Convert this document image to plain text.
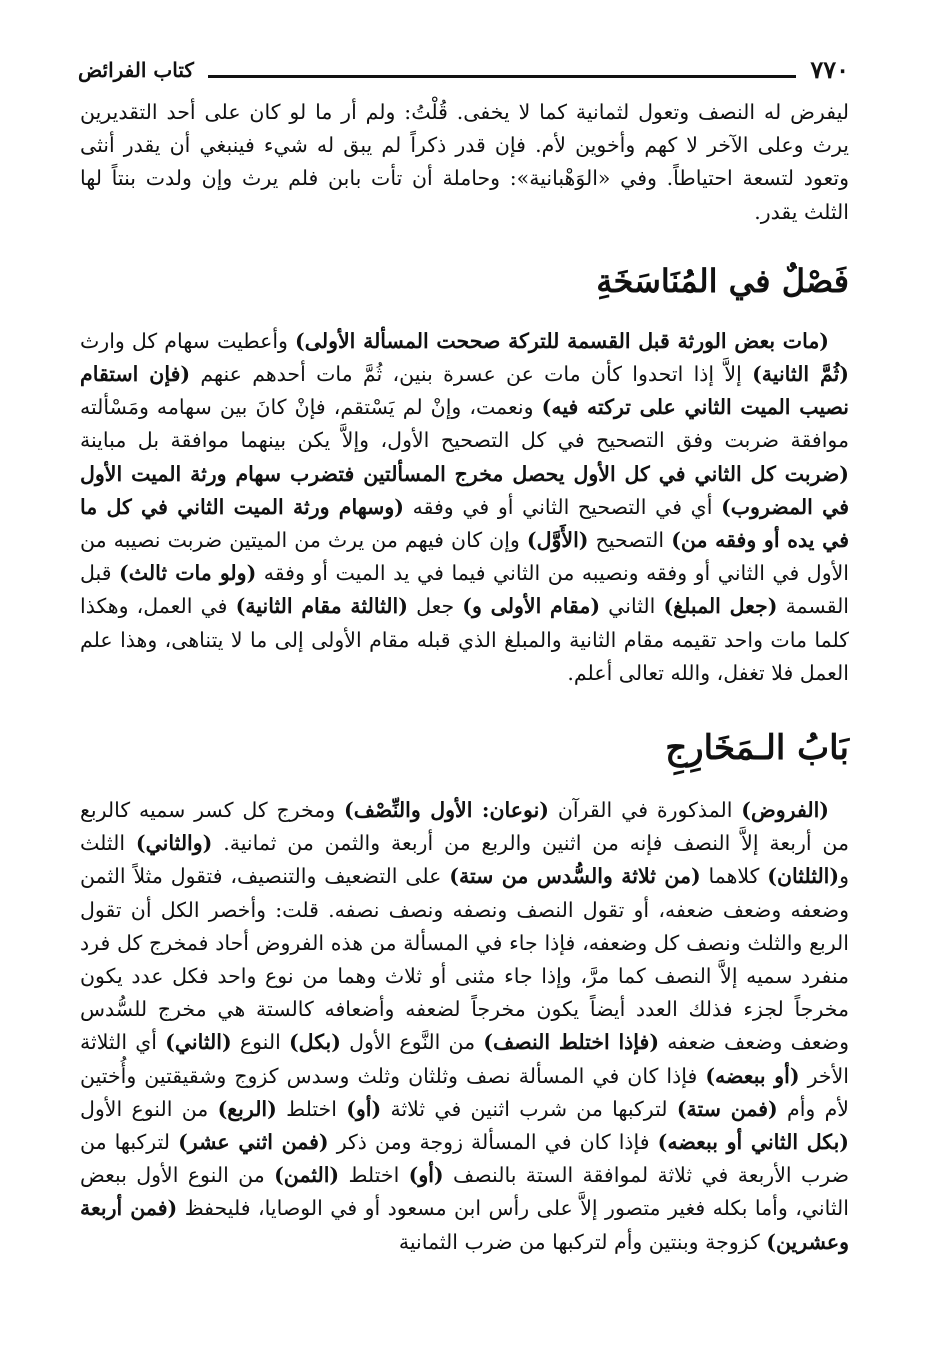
٧٧٠
كتاب الفرائض

ليفرض له النصف وتعول لثمانية كما لا يخفى. قُلْتُ: ولم أر ما لو كان على أحد التقديرين يرث وعلى الآخر لا كهم وأخوين لأم. فإن قدر ذكراً لم يبق له شيء فينبغي أن يقدر أنثى وتعود لتسعة احتياطاً. وفي «الوَهْبانية»: وحاملة أن تأت بابن فلم يرث وإن ولدت بنتاً لها الثلث يقدر.

فَصْلٌ في المُنَاسَخَةِ

(مات بعض الورثة قبل القسمة للتركة صححت المسألة الأولى) وأعطيت سهام كل وارث (ثُمَّ الثانية) إلاَّ إذا اتحدوا كأن مات عن عسرة بنين، ثُمَّ مات أحدهم عنهم (فإن استقام نصيب الميت الثاني على تركته فيه) ونعمت، وإنْ لم يَسْتقم، فإنْ كانَ بين سهامه ومَسْألته موافقة ضربت وفق التصحيح في كل التصحيح الأول، وإلاَّ يكن بينهما موافقة بل مباينة (ضربت كل الثاني في كل الأول يحصل مخرج المسألتين فتضرب سهام ورثة الميت الأول في المضروب) أي في التصحيح الثاني أو في وفقه (وسهام ورثة الميت الثاني في كل ما في يده أو وفقه من) التصحيح (الأَوَّل) وإن كان فيهم من يرث من الميتين ضربت نصيبه من الأول في الثاني أو وفقه ونصيبه من الثاني فيما في يد الميت أو وفقه (ولو مات ثالث) قبل القسمة (جعل المبلغ) الثاني (مقام الأولى و) جعل (الثالثة مقام الثانية) في العمل، وهكذا كلما مات واحد تقيمه مقام الثانية والمبلغ الذي قبله مقام الأولى إلى ما لا يتناهى، وهذا علم العمل فلا تغفل، والله تعالى أعلم.

بَابُ الـمَخَارِجِ

(الفروض) المذكورة في القرآن (نوعان: الأول والنِّصْف) ومخرج كل كسر سميه كالربع من أربعة إلاَّ النصف فإنه من اثنين والربع من أربعة والثمن من ثمانية. (والثاني) الثلث و(الثلثان) كلاهما (من ثلاثة والسُّدس من ستة) على التضعيف والتنصيف، فتقول مثلاً الثمن وضعفه وضعف ضعفه، أو تقول النصف ونصفه ونصف نصفه. قلت: وأخصر الكل أن تقول الربع والثلث ونصف كل وضعفه، فإذا جاء في المسألة من هذه الفروض أحاد فمخرج كل فرد منفرد سميه إلاَّ النصف كما مرَّ، وإذا جاء مثنى أو ثلاث وهما من نوع واحد فكل عدد يكون مخرجاً لجزء فذلك العدد أيضاً يكون مخرجاً لضعفه وأضعافه كالستة هي مخرج للسُّدس وضعف وضعف ضعفه (فإذا اختلط النصف) من النَّوع الأول (بكل) النوع (الثاني) أي الثلاثة الأخر (أو ببعضه) فإذا كان في المسألة نصف وثلثان وثلث وسدس كزوج وشقيقتين وأُختين لأم وأم (فمن ستة) لتركبها من شرب اثنين في ثلاثة (أو) اختلط (الربع) من النوع الأول (بكل الثاني أو ببعضه) فإذا كان في المسألة زوجة ومن ذكر (فمن اثني عشر) لتركبها من ضرب الأربعة في ثلاثة لموافقة الستة بالنصف (أو) اختلط (الثمن) من النوع الأول ببعض الثاني، وأما بكله فغير متصور إلاَّ على رأس ابن مسعود أو في الوصايا، فليحفظ (فمن أربعة وعشرين) كزوجة وبنتين وأم لتركبها من ضرب الثمانية
